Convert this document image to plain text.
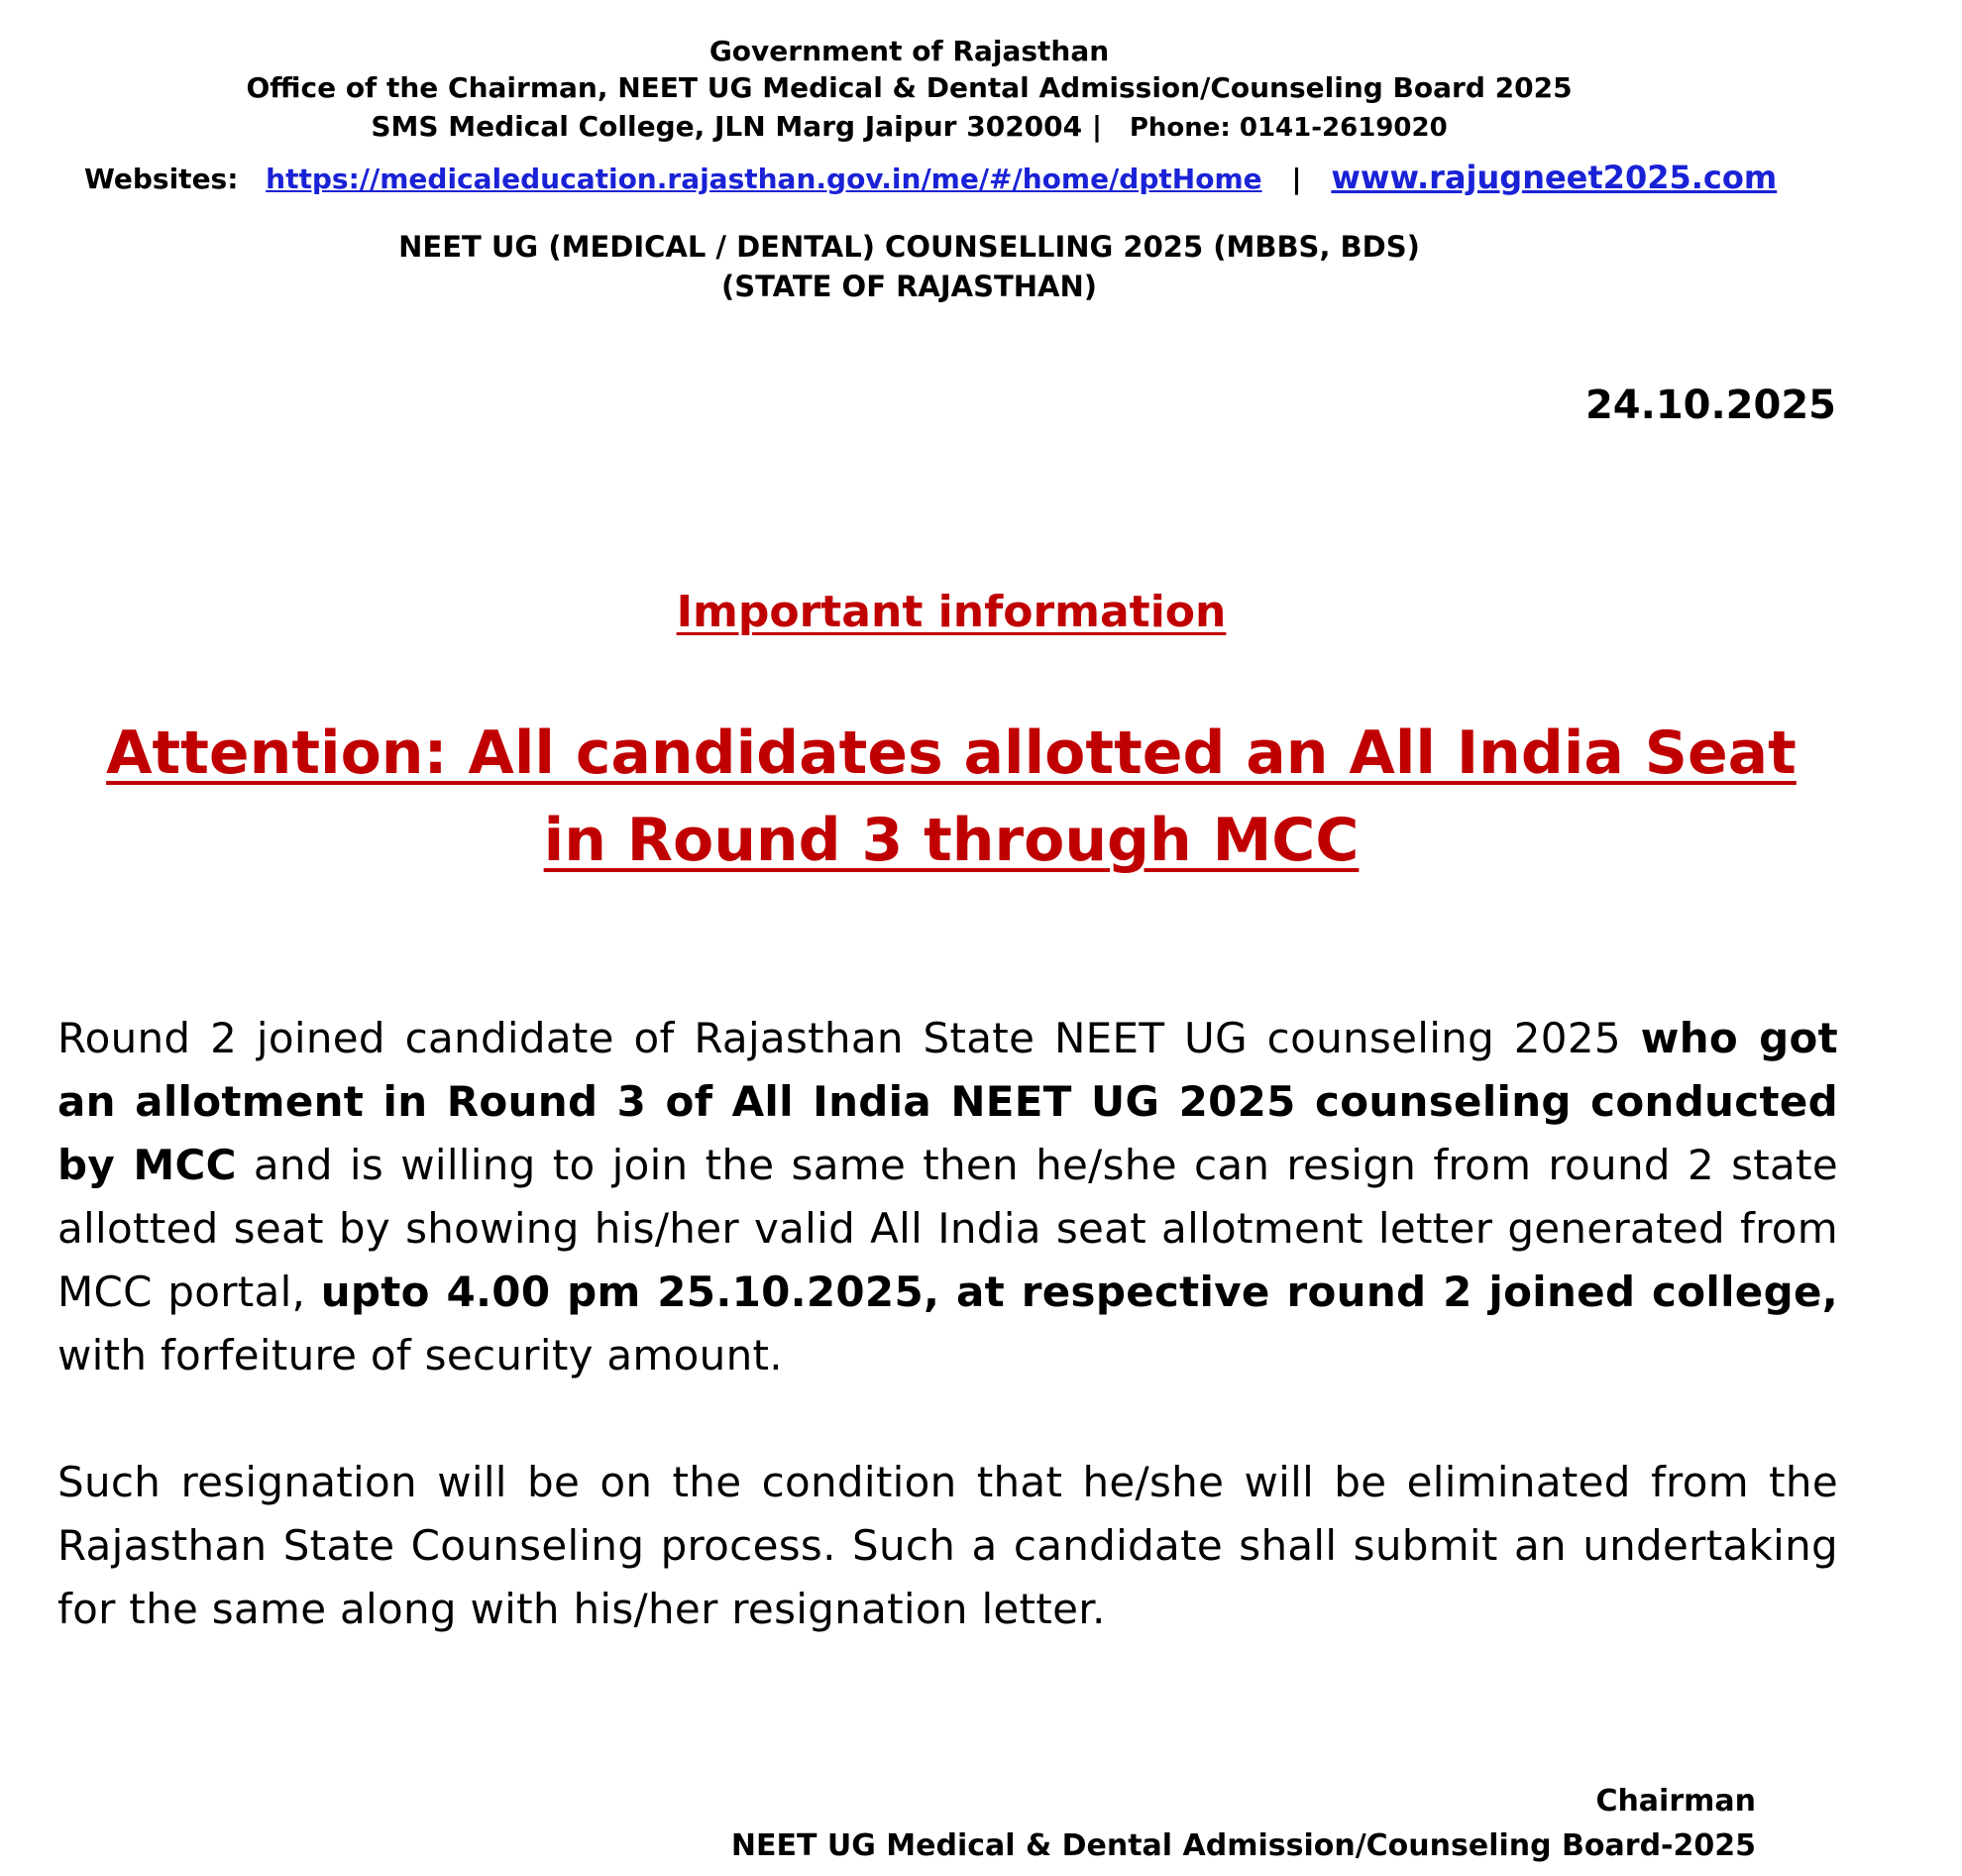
Government of Rajasthan
Office of the Chairman, NEET UG Medical & Dental Admission/Counseling Board 2025
SMS Medical College, JLN Marg Jaipur 302004 | Phone: 0141-2619020
Websites: https://medicaleducation.rajasthan.gov.in/me/#/home/dptHome | www.rajugneet2025.com
NEET UG (MEDICAL / DENTAL) COUNSELLING 2025 (MBBS, BDS)
(STATE OF RAJASTHAN)
24.10.2025
Important information
Attention: All candidates allotted an All India Seat
in Round 3 through MCC
Round 2 joined candidate of Rajasthan State NEET UG counseling 2025 who got an allotment in Round 3 of All India NEET UG 2025 counseling conducted by MCC and is willing to join the same then he/she can resign from round 2 state allotted seat by showing his/her valid All India seat allotment letter generated from MCC portal, upto 4.00 pm 25.10.2025, at respective round 2 joined college, with forfeiture of security amount.
Such resignation will be on the condition that he/she will be eliminated from the Rajasthan State Counseling process. Such a candidate shall submit an undertaking for the same along with his/her resignation letter.
Chairman
NEET UG Medical & Dental Admission/Counseling Board-2025
